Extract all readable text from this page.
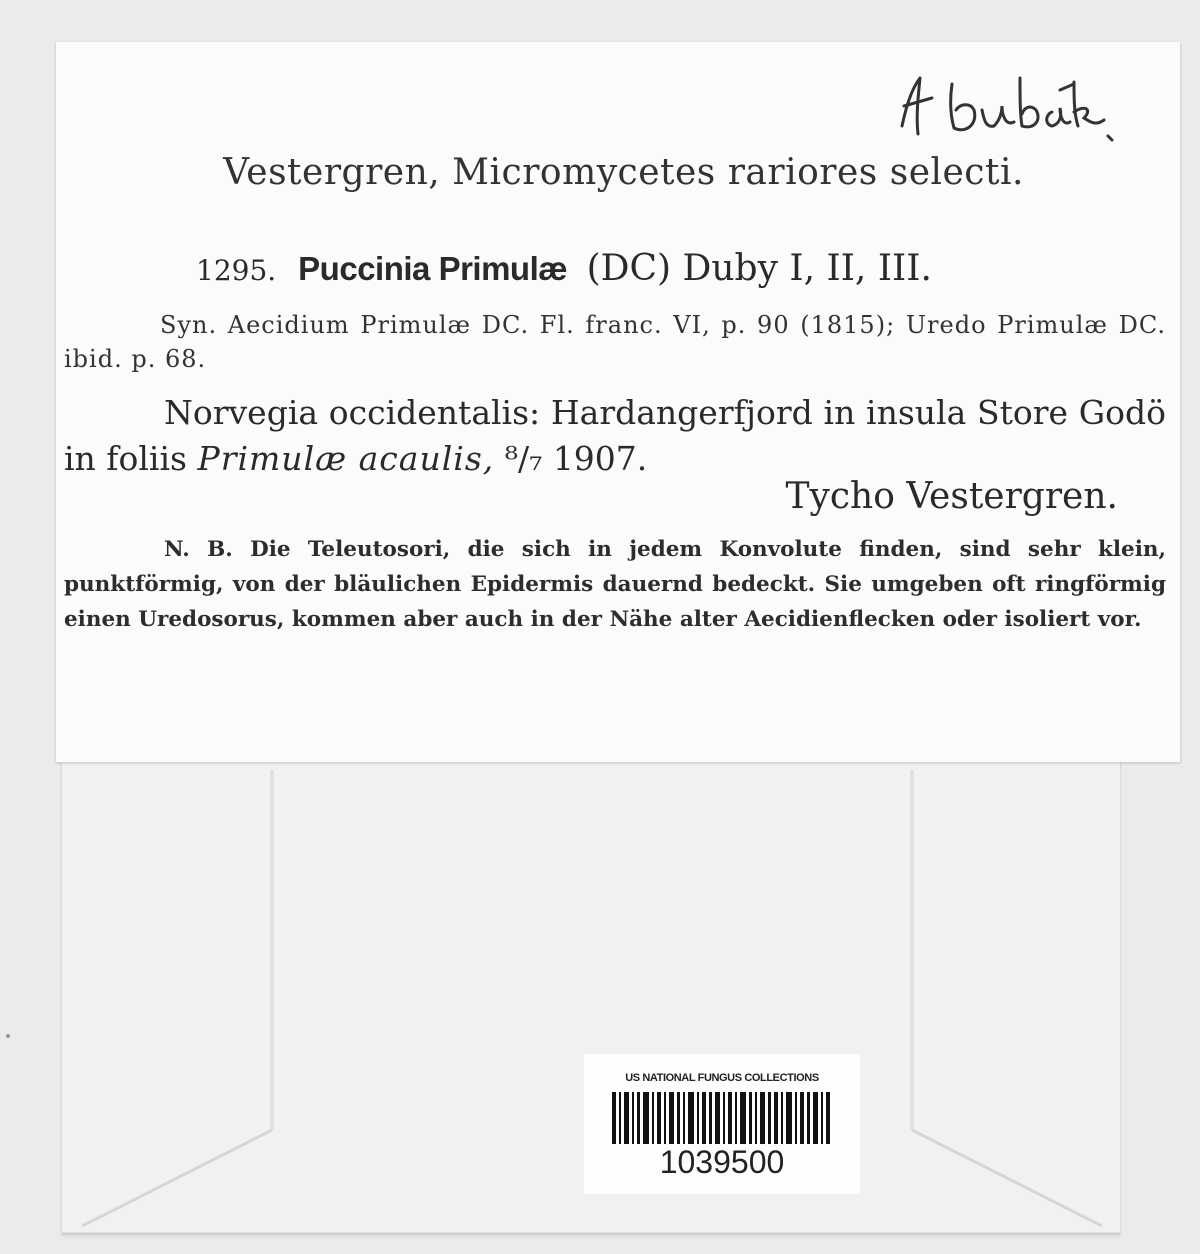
Vestergren, Micromycetes rariores selecti.
1295. Puccinia Primulæ (DC) Duby I, II, III.
Syn. Aecidium Primulæ DC. Fl. franc. VI, p. 90 (1815); Uredo Primulæ DC. ibid. p. 68.
Norvegia occidentalis: Hardangerfjord in insula Store Godö in foliis Primulæ acaulis, ⁸/₇ 1907.
Tycho Vestergren.
N. B. Die Teleutosori, die sich in jedem Konvolute finden, sind sehr klein, punktförmig, von der bläulichen Epidermis dauernd bedeckt. Sie umgeben oft ringförmig einen Uredosorus, kommen aber auch in der Nähe alter Aecidienflecken oder isoliert vor.
US NATIONAL FUNGUS COLLECTIONS
1039500
